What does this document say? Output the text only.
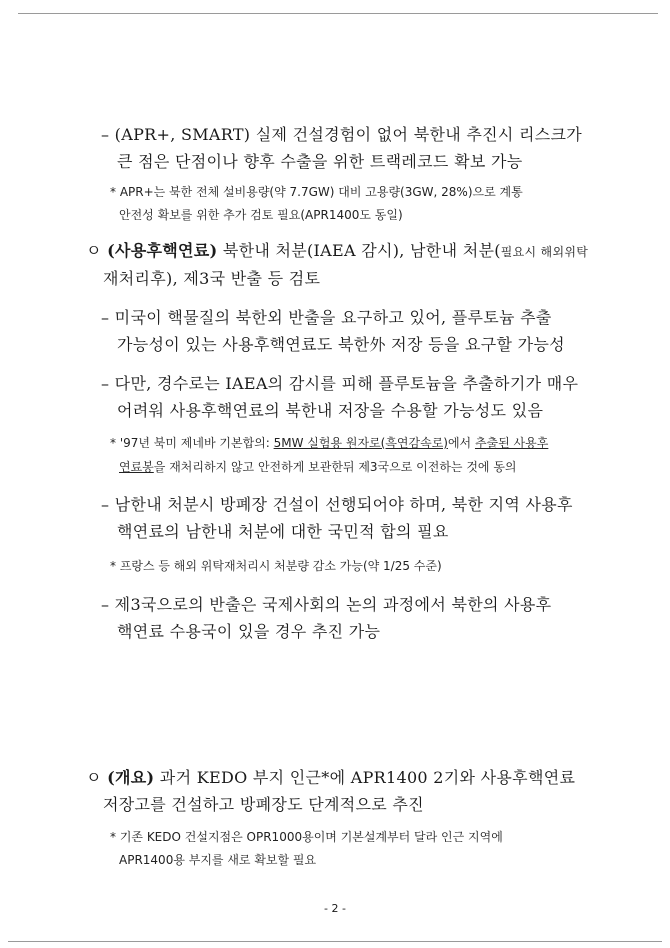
– (APR+, SMART) 실제 건설경험이 없어 북한내 추진시 리스크가
큰 점은 단점이나 향후 수출을 위한 트랙레코드 확보 가능
* APR+는 북한 전체 설비용량(약 7.7GW) 대비 고용량(3GW, 28%)으로 계통
안전성 확보를 위한 추가 검토 필요(APR1400도 동일)
ㅇ (사용후핵연료) 북한내 처분(IAEA 감시), 남한내 처분(필요시 해외위탁
재처리후), 제3국 반출 등 검토
– 미국이 핵물질의 북한외 반출을 요구하고 있어, 플루토늄 추출
가능성이 있는 사용후핵연료도 북한外 저장 등을 요구할 가능성
– 다만, 경수로는 IAEA의 감시를 피해 플루토늄을 추출하기가 매우
어려워 사용후핵연료의 북한내 저장을 수용할 가능성도 있음
* '97년 북미 제네바 기본합의: 5MW 실험용 원자로(흑연감속로)에서 추출된 사용후
연료봉을 재처리하지 않고 안전하게 보관한뒤 제3국으로 이전하는 것에 동의
– 남한내 처분시 방폐장 건설이 선행되어야 하며, 북한 지역 사용후
핵연료의 남한내 처분에 대한 국민적 합의 필요
* 프랑스 등 해외 위탁재처리시 처분량 감소 가능(약 1/25 수준)
– 제3국으로의 반출은 국제사회의 논의 과정에서 북한의 사용후
핵연료 수용국이 있을 경우 추진 가능
ㅇ (개요) 과거 KEDO 부지 인근*에 APR1400 2기와 사용후핵연료
저장고를 건설하고 방폐장도 단계적으로 추진
* 기존 KEDO 건설지점은 OPR1000용이며 기본설계부터 달라 인근 지역에
APR1400용 부지를 새로 확보할 필요
- 2 -
